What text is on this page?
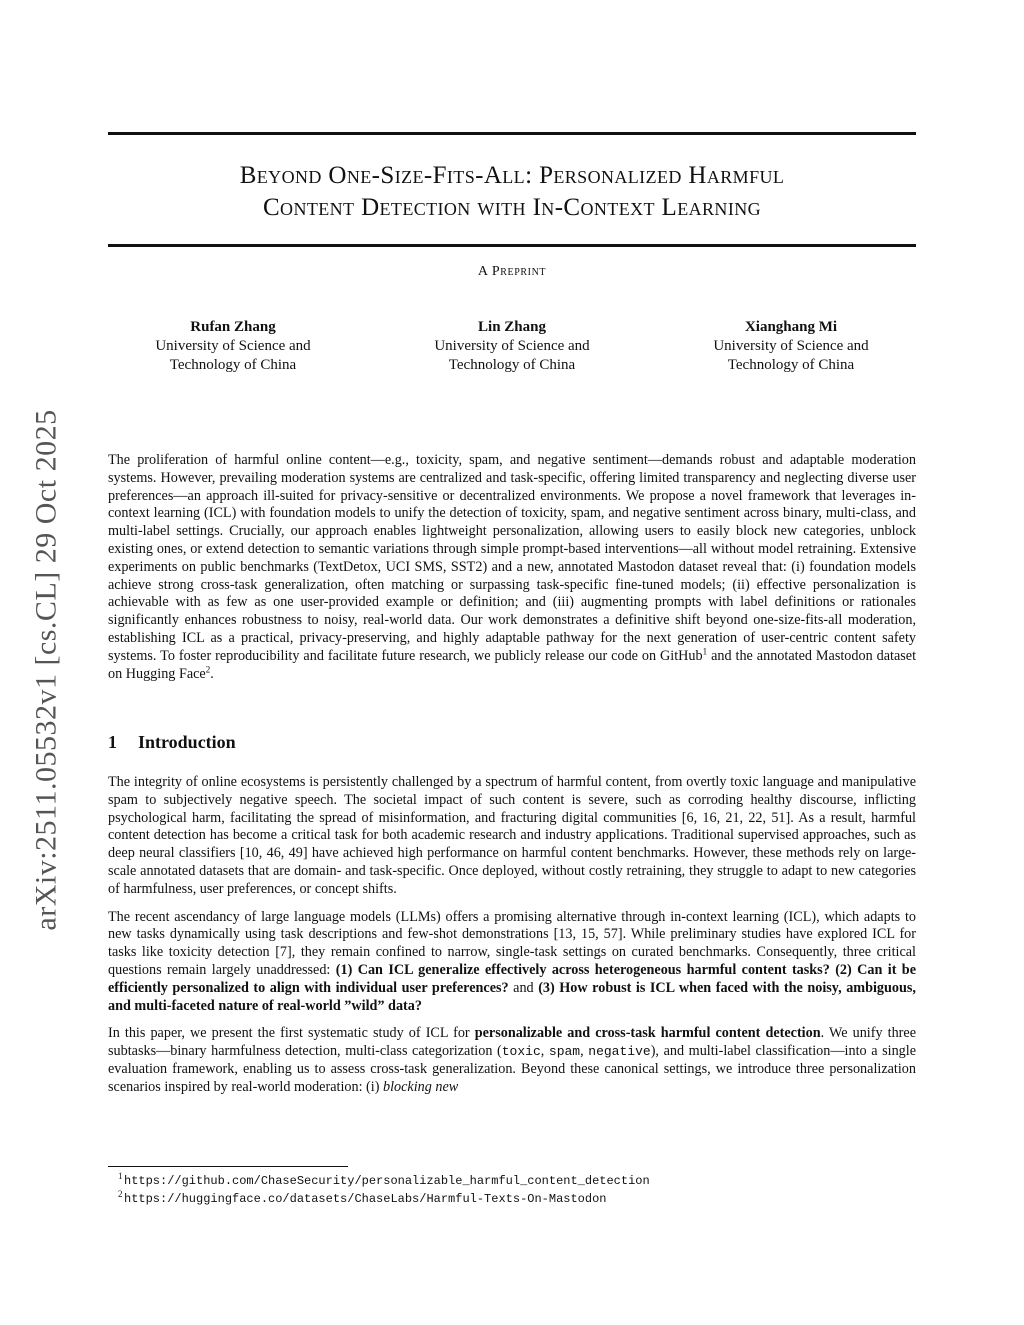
arXiv:2511.05532v1 [cs.CL] 29 Oct 2025
Beyond One-Size-Fits-All: Personalized Harmful
Content Detection with In-Context Learning
A Preprint
Rufan Zhang
University of Science and
Technology of China
Lin Zhang
University of Science and
Technology of China
Xianghang Mi
University of Science and
Technology of China
The proliferation of harmful online content—e.g., toxicity, spam, and negative sentiment—demands robust and adaptable moderation systems. However, prevailing moderation systems are centralized and task-specific, offering limited transparency and neglecting diverse user preferences—an approach ill-suited for privacy-sensitive or decentralized environments. We propose a novel framework that leverages in-context learning (ICL) with foundation models to unify the detection of toxicity, spam, and negative sentiment across binary, multi-class, and multi-label settings. Crucially, our approach enables lightweight personalization, allowing users to easily block new categories, unblock existing ones, or extend detection to semantic variations through simple prompt-based interventions—all without model retraining. Extensive experiments on public benchmarks (TextDetox, UCI SMS, SST2) and a new, annotated Mastodon dataset reveal that: (i) foundation models achieve strong cross-task generalization, often matching or surpassing task-specific fine-tuned models; (ii) effective personalization is achievable with as few as one user-provided example or definition; and (iii) augmenting prompts with label definitions or rationales significantly enhances robustness to noisy, real-world data. Our work demonstrates a definitive shift beyond one-size-fits-all moderation, establishing ICL as a practical, privacy-preserving, and highly adaptable pathway for the next generation of user-centric content safety systems. To foster reproducibility and facilitate future research, we publicly release our code on GitHub$^1$ and the annotated Mastodon dataset on Hugging Face$^2$.
1 Introduction

The integrity of online ecosystems is persistently challenged by a spectrum of harmful content, from overtly toxic language and manipulative spam to subjectively negative speech. The societal impact of such content is severe, such as corroding healthy discourse, inflicting psychological harm, facilitating the spread of misinformation, and fracturing digital communities [6, 16, 21, 22, 51]. As a result, harmful content detection has become a critical task for both academic research and industry applications. Traditional supervised approaches, such as deep neural classifiers [10, 46, 49] have achieved high performance on harmful content benchmarks. However, these methods rely on large-scale annotated datasets that are domain- and task-specific. Once deployed, without costly retraining, they struggle to adapt to new categories of harmfulness, user preferences, or concept shifts.

The recent ascendancy of large language models (LLMs) offers a promising alternative through in-context learning (ICL), which adapts to new tasks dynamically using task descriptions and few-shot demonstrations [13, 15, 57]. While preliminary studies have explored ICL for tasks like toxicity detection [7], they remain confined to narrow, single-task settings on curated benchmarks. Consequently, three critical questions remain largely unaddressed: (1) Can ICL generalize effectively across heterogeneous harmful content tasks? (2) Can it be efficiently personalized to align with individual user preferences? and (3) How robust is ICL when faced with the noisy, ambiguous, and multi-faceted nature of real-world ”wild” data?

In this paper, we present the first systematic study of ICL for personalizable and cross-task harmful content detection. We unify three subtasks—binary harmfulness detection, multi-class categorization (toxic, spam, negative), and multi-label classification—into a single evaluation framework, enabling us to assess cross-task generalization. Beyond these canonical settings, we introduce three personalization scenarios inspired by real-world moderation: (i) blocking new

1 https://github.com/ChaseSecurity/personalizable_harmful_content_detection
2 https://huggingface.co/datasets/ChaseLabs/Harmful-Texts-On-Mastodon
